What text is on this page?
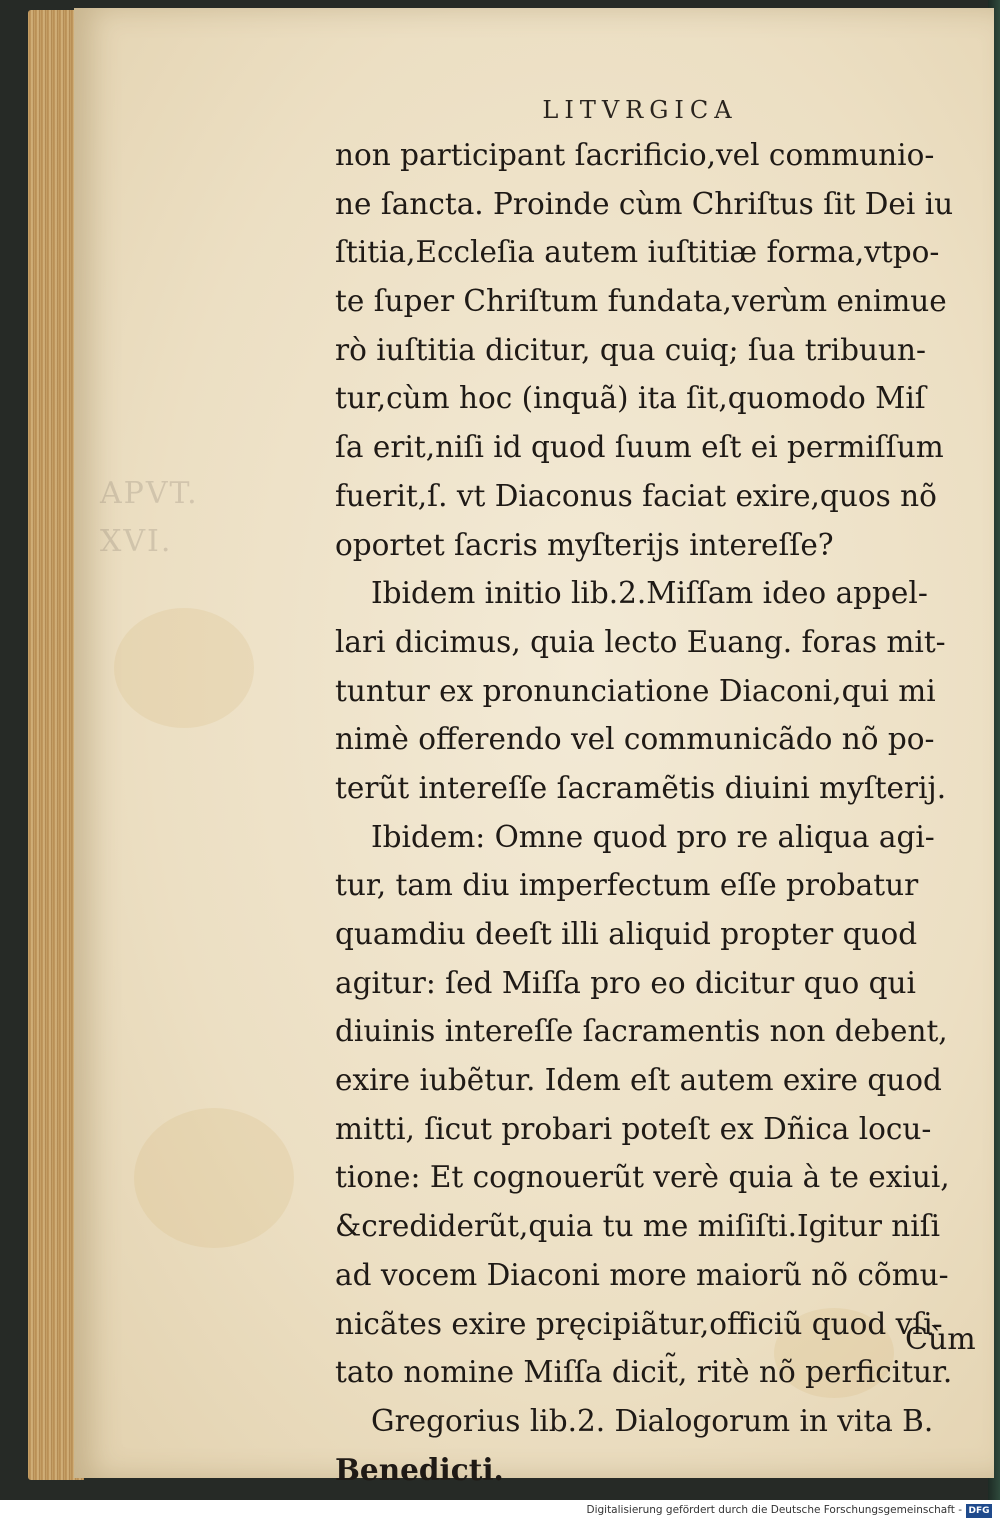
APVT.
XVI.
LITVRGICA
non participant ſacrificio,vel communio-
ne ſanctа. Proinde cùm Chriſtus ſit Dei iu
ſtitia,Eccleſia autem iuſtitiæ forma,vtpo-
te ſuper Chriſtum fundata,verùm enimue
rò iuſtitia dicitur, qua cuiq; ſua tribuun-
tur,cùm hoc (inquã) ita ſit,quomodo Miſ
ſa erit,niſi id quod ſuum eſt ei permiſſum
fuerit,ſ. vt Diaconus faciat exire,quos nõ
oportet ſacris myſterijs intereſſe?
Ibidem initio lib.2.Miſſam ideo appel-
lari dicimus, quia lecto Euang. foras mit-
tuntur ex pronunciatione Diaconi,qui mi
nimè offerendo vel communicãdo nõ po-
terũt intereſſe ſacramẽtis diuini myſterij.
Ibidem: Omne quod pro re aliqua agi-
tur, tam diu imperfectum eſſe probatur
quamdiu deeſt illi aliquid propter quod
agitur: ſed Miſſa pro eo dicitur quo qui
diuinis intereſſe ſacramentis non debent,
exire iubẽtur. Idem eſt autem exire quod
mitti, ſicut probari poteſt ex Dñica locu-
tione: Et cognouerũt verè quia à te exiui,
&crediderũt,quia tu me miſiſti.Igitur niſi
ad vocem Diaconi more maiorũ nõ cõmu-
nicãtes exire pręcipiãtur,officiũ quod vſi-
tato nomine Miſſa dicit̃, ritè nõ perficitur.
Gregorius lib.2. Dialogorum in vita B.
Benedicti.
Cùm
Digitalisierung gefördert durch die Deutsche Forschungsgemeinschaft - DFG
